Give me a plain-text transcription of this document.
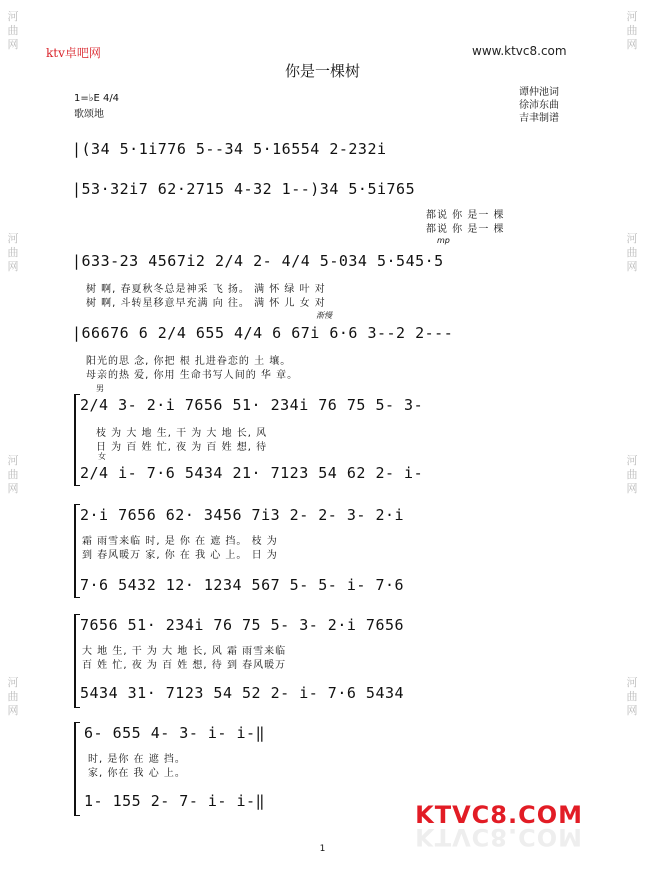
河
曲
网
河
曲
网
河
曲
网
河
曲
网
河
曲
网
河
曲
网
河
曲
网
河
曲
网
ktv卓吧网	www.ktvc8.com
你是一棵树
1=♭E 4/4
歌颂地
谭仲池词
徐沛东曲
吉聿制谱
|(34 5·1i776 5--34 5·16554 2-232i
|53·32i7 62·2715 4-32 1--)34 5·5i765
都说 你 是一 棵
都说 你 是一 棵
mp
|633-23 4567i2 2/4 2- 4/4 5-034 5·545·5
树 啊, 春夏秋冬总是神采 飞 扬。 满 怀 绿 叶 对
树 啊, 斗转星移意早充满 向 往。 满 怀 儿 女 对
渐慢
|66676 6 2/4 655 4/4 6 67i 6·6 3--2 2---
阳光的思 念, 你把 根 扎进眷恋的 土 壤。
母亲的热 爱, 你用 生命书写人间的 华 章。
男
2/4 3- 2·i 7656 51· 234i 76 75 5- 3-
枝 为 大 地 生, 干 为 大 地 长, 风
日 为 百 姓 忙, 夜 为 百 姓 想, 待
女
2/4 i- 7·6 5434 21· 7123 54 62 2- i-
2·i 7656 62· 3456 7i3 2- 2- 3- 2·i
霜 雨雪来临 时, 是 你 在 遮 挡。 枝 为
到 春风暖万 家, 你 在 我 心 上。 日 为
7·6 5432 12· 1234 567 5- 5- i- 7·6
7656 51· 234i 76 75 5- 3- 2·i 7656
大 地 生, 干 为 大 地 长, 风 霜 雨雪来临
百 姓 忙, 夜 为 百 姓 想, 待 到 春风暖万
5434 31· 7123 54 52 2- i- 7·6 5434
6- 655 4- 3- i- i-‖
时, 是你 在 遮 挡。
家, 你在 我 心 上。
1- 155 2- 7- i- i-‖	KTVC8.COM
KTVC8.COM
1
